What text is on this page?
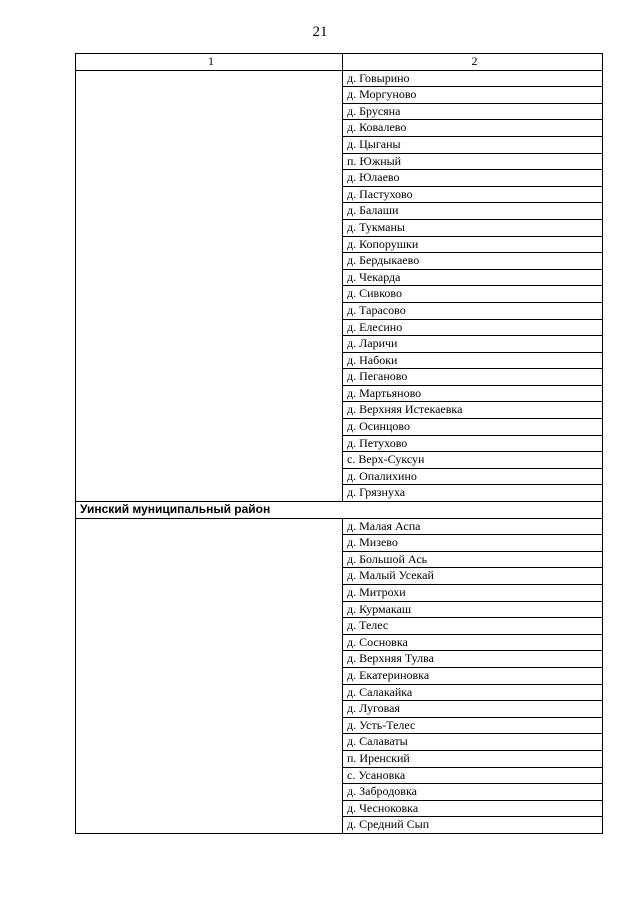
21
1	2
	д. Говырино
	д. Моргуново
	д. Брусяна
	д. Ковалево
	д. Цыганы
	п. Южный
	д. Юлаево
	д. Пастухово
	д. Балаши
	д. Тукманы
	д. Копорушки
	д. Бердыкаево
	д. Чекарда
	д. Сивково
	д. Тарасово
	д. Елесино
	д. Ларичи
	д. Набоки
	д. Пеганово
	д. Мартьяново
	д. Верхняя Истекаевка
	д. Осинцово
	д. Петухово
	с. Верх-Суксун
	д. Опалихино
	д. Грязнуха
Уинский муниципальный район	
	д. Малая Аспа
	д. Мизево
	д. Большой Ась
	д. Малый Усекай
	д. Митрохи
	д. Курмакаш
	д. Телес
	д. Сосновка
	д. Верхняя Тулва
	д. Екатериновка
	д. Салакайка
	д. Луговая
	д. Усть-Телес
	д. Салаваты
	п. Иренский
	с. Усановка
	д. Забродовка
	д. Чесноковка
	д. Средний Сып
